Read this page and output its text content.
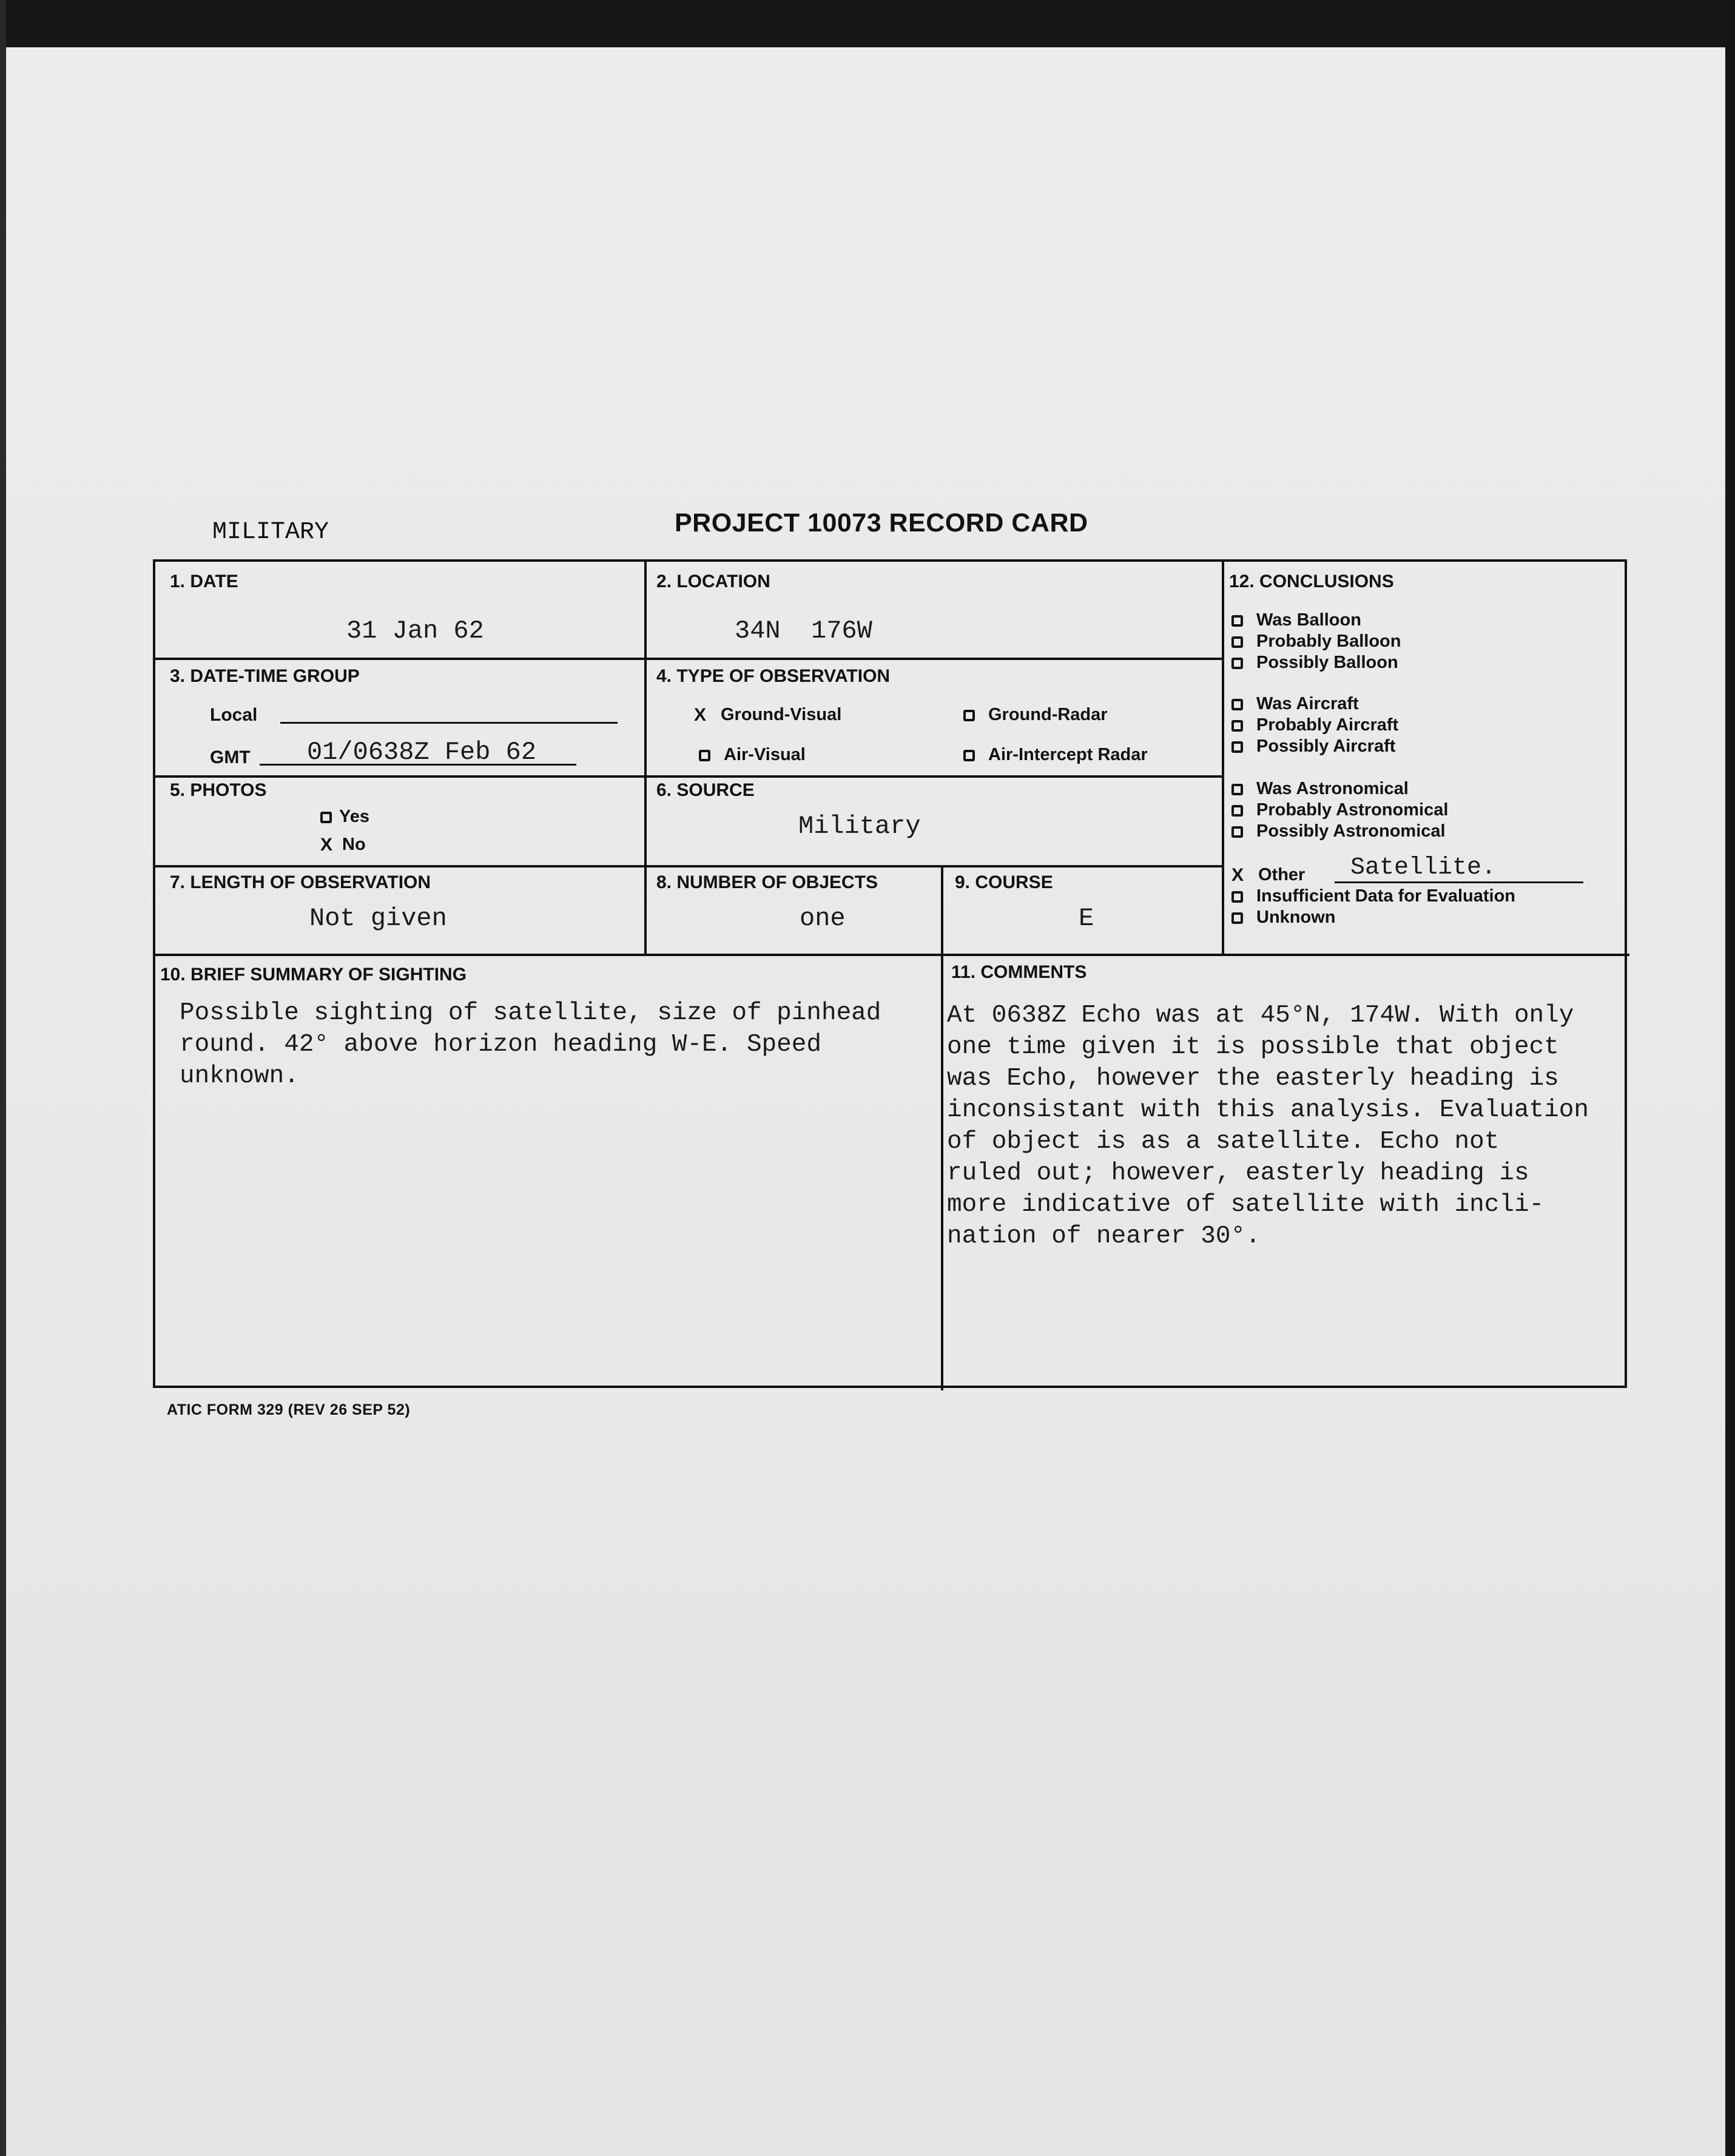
MILITARY	PROJECT 10073 RECORD CARD
1. DATE
31 Jan 62
2. LOCATION
34N  176W
3. DATE-TIME GROUP
Local
GMT 01/0638Z Feb 62
4. TYPE OF OBSERVATION
X Ground-Visual	Ground-Radar
Air-Visual	Air-Intercept Radar
5. PHOTOS
Yes
X No
6. SOURCE
Military
7. LENGTH OF OBSERVATION
Not given
8. NUMBER OF OBJECTS
one
9. COURSE
E
12. CONCLUSIONS
Was Balloon
Probably Balloon
Possibly Balloon
Was Aircraft
Probably Aircraft
Possibly Aircraft
Was Astronomical
Probably Astronomical
Possibly Astronomical
X Other Satellite.
Insufficient Data for Evaluation
Unknown
10. BRIEF SUMMARY OF SIGHTING
Possible sighting of satellite, size of pinhead
round. 42° above horizon heading W-E. Speed
unknown.
11. COMMENTS
At 0638Z Echo was at 45°N, 174W. With only
one time given it is possible that object
was Echo, however the easterly heading is
inconsistant with this analysis. Evaluation
of object is as a satellite. Echo not
ruled out; however, easterly heading is
more indicative of satellite with incli-
nation of nearer 30°.
ATIC FORM 329 (REV 26 SEP 52)
